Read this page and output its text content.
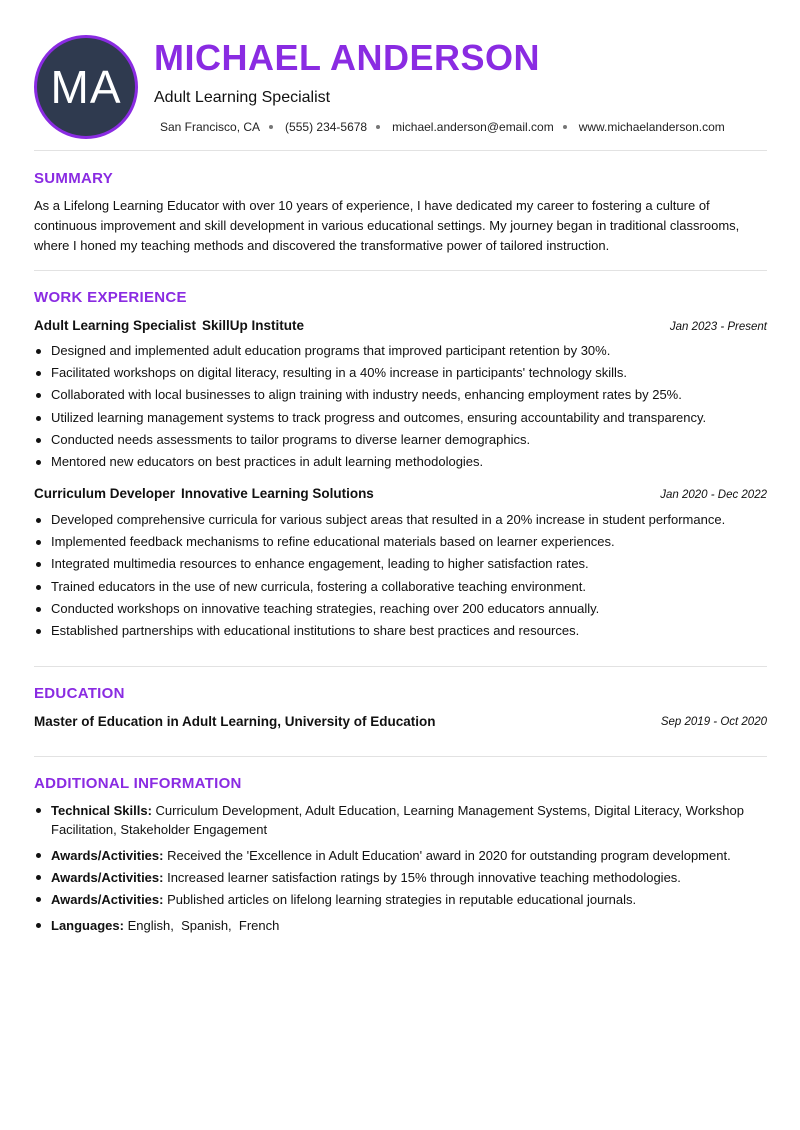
MA
MICHAEL ANDERSON
Adult Learning Specialist
San Francisco, CA (555) 234-5678 michael.anderson@email.com www.michaelanderson.com
SUMMARY
As a Lifelong Learning Educator with over 10 years of experience, I have dedicated my career to fostering a culture of continuous improvement and skill development in various educational settings. My journey began in traditional classrooms, where I honed my teaching methods and discovered the transformative power of tailored instruction.
WORK EXPERIENCE
Adult Learning Specialist SkillUp Institute	Jan 2023 - Present
Designed and implemented adult education programs that improved participant retention by 30%.
Facilitated workshops on digital literacy, resulting in a 40% increase in participants' technology skills.
Collaborated with local businesses to align training with industry needs, enhancing employment rates by 25%.
Utilized learning management systems to track progress and outcomes, ensuring accountability and transparency.
Conducted needs assessments to tailor programs to diverse learner demographics.
Mentored new educators on best practices in adult learning methodologies.
Curriculum Developer Innovative Learning Solutions	Jan 2020 - Dec 2022
Developed comprehensive curricula for various subject areas that resulted in a 20% increase in student performance.
Implemented feedback mechanisms to refine educational materials based on learner experiences.
Integrated multimedia resources to enhance engagement, leading to higher satisfaction rates.
Trained educators in the use of new curricula, fostering a collaborative teaching environment.
Conducted workshops on innovative teaching strategies, reaching over 200 educators annually.
Established partnerships with educational institutions to share best practices and resources.
EDUCATION
Master of Education in Adult Learning, University of Education	Sep 2019 - Oct 2020
ADDITIONAL INFORMATION
Technical Skills: Curriculum Development, Adult Education, Learning Management Systems, Digital Literacy, Workshop Facilitation, Stakeholder Engagement
Awards/Activities: Received the 'Excellence in Adult Education' award in 2020 for outstanding program development.
Awards/Activities: Increased learner satisfaction ratings by 15% through innovative teaching methodologies.
Awards/Activities: Published articles on lifelong learning strategies in reputable educational journals.
Languages: English,  Spanish,  French
